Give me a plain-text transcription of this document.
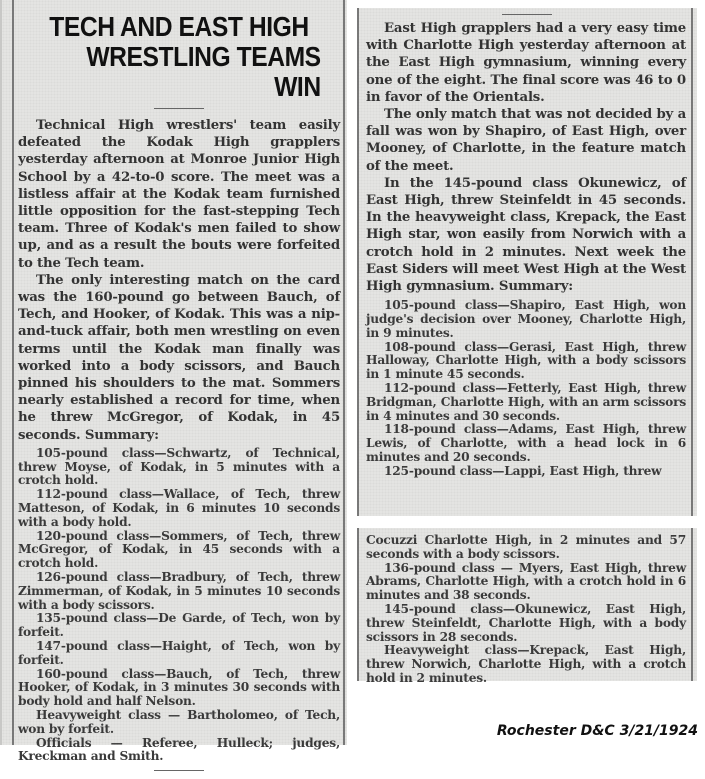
TECH AND EAST HIGH
WRESTLING TEAMS WIN

Technical High wrestlers' team easily defeated the Kodak High grapplers yesterday afternoon at Monroe Junior High School by a 42-to-0 score. The meet was a listless affair at the Kodak team furnished little opposition for the fast-stepping Tech team. Three of Kodak's men failed to show up, and as a result the bouts were forfeited to the Tech team.

The only interesting match on the card was the 160-pound go between Bauch, of Tech, and Hooker, of Kodak. This was a nip-and-tuck affair, both men wrestling on even terms until the Kodak man finally was worked into a body scissors, and Bauch pinned his shoulders to the mat. Sommers nearly established a record for time, when he threw McGregor, of Kodak, in 45 seconds. Summary:

105-pound class—Schwartz, of Technical, threw Moyse, of Kodak, in 5 minutes with a crotch hold.

112-pound class—Wallace, of Tech, threw Matteson, of Kodak, in 6 minutes 10 seconds with a body hold.

120-pound class—Sommers, of Tech, threw McGregor, of Kodak, in 45 seconds with a crotch hold.

126-pound class—Bradbury, of Tech, threw Zimmerman, of Kodak, in 5 minutes 10 seconds with a body scissors.

135-pound class—De Garde, of Tech, won by forfeit.

147-pound class—Haight, of Tech, won by forfeit.

160-pound class—Bauch, of Tech, threw Hooker, of Kodak, in 3 minutes 30 seconds with body hold and half Nelson.

Heavyweight class — Bartholomeo, of Tech, won by forfeit.

Officials — Referee, Hulleck; judges, Kreckman and Smith.

East High grapplers had a very easy time with Charlotte High yesterday afternoon at the East High gymnasium, winning every one of the eight. The final score was 46 to 0 in favor of the Orientals.

The only match that was not decided by a fall was won by Shapiro, of East High, over Mooney, of Charlotte, in the feature match of the meet.

In the 145-pound class Okunewicz, of East High, threw Steinfeldt in 45 seconds. In the heavyweight class, Krepack, the East High star, won easily from Norwich with a crotch hold in 2 minutes. Next week the East Siders will meet West High at the West High gymnasium. Summary:

105-pound class—Shapiro, East High, won judge's decision over Mooney, Charlotte High, in 9 minutes.

108-pound class—Gerasi, East High, threw Halloway, Charlotte High, with a body scissors in 1 minute 45 seconds.

112-pound class—Fetterly, East High, threw Bridgman, Charlotte High, with an arm scissors in 4 minutes and 30 seconds.

118-pound class—Adams, East High, threw Lewis, of Charlotte, with a head lock in 6 minutes and 20 seconds.

125-pound class—Lappi, East High, threw

Cocuzzi Charlotte High, in 2 minutes and 57 seconds with a body scissors.

136-pound class — Myers, East High, threw Abrams, Charlotte High, with a crotch hold in 6 minutes and 38 seconds.

145-pound class—Okunewicz, East High, threw Steinfeldt, Charlotte High, with a body scissors in 28 seconds.

Heavyweight class—Krepack, East High, threw Norwich, Charlotte High, with a crotch hold in 2 minutes.

Rochester D&C 3/21/1924
